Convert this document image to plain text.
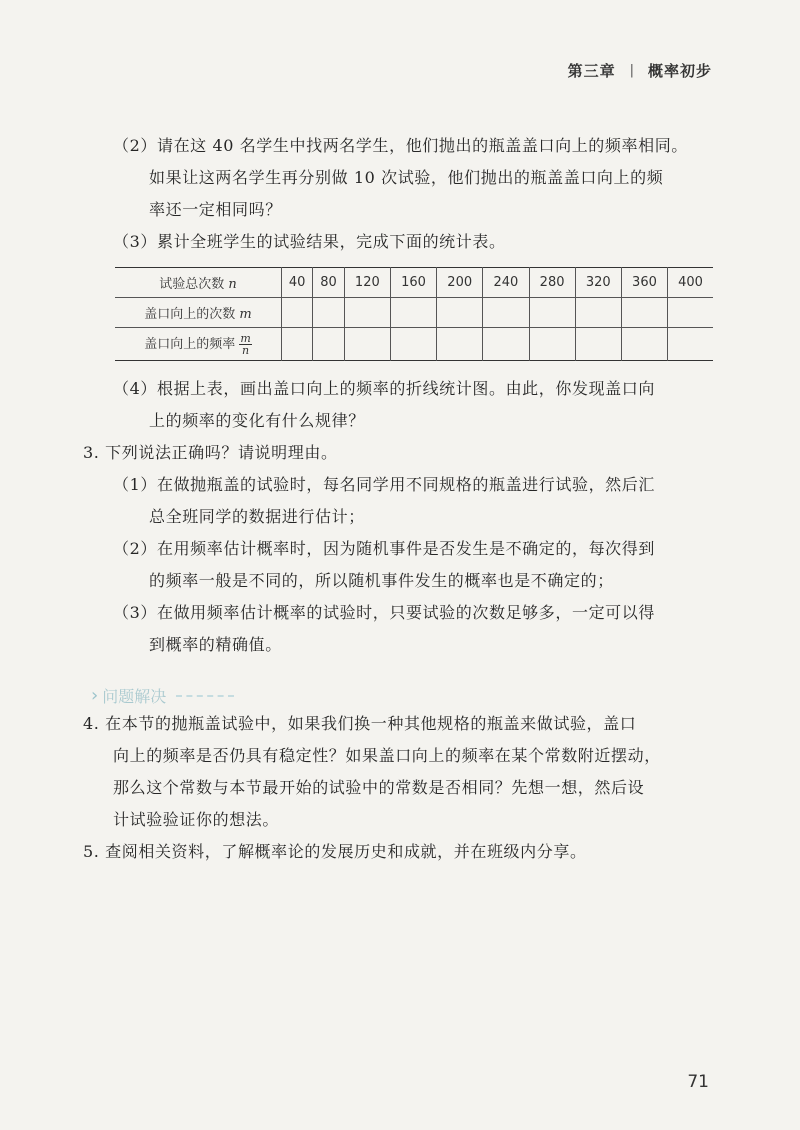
第三章 | 概率初步
（2）请在这 40 名学生中找两名学生，他们抛出的瓶盖盖口向上的频率相同。
如果让这两名学生再分别做 10 次试验，他们抛出的瓶盖盖口向上的频
率还一定相同吗？
（3）累计全班学生的试验结果，完成下面的统计表。
试验总次数 n	40	80	120	160	200	240	280	320	360	400
盖口向上的次数 m										
盖口向上的频率 $\frac{m}{n}$

（4）根据上表，画出盖口向上的频率的折线统计图。由此，你发现盖口向
上的频率的变化有什么规律？
3. 下列说法正确吗？请说明理由。
（1）在做抛瓶盖的试验时，每名同学用不同规格的瓶盖进行试验，然后汇
总全班同学的数据进行估计；
（2）在用频率估计概率时，因为随机事件是否发生是不确定的，每次得到
的频率一般是不同的，所以随机事件发生的概率也是不确定的；
（3）在做用频率估计概率的试验时，只要试验的次数足够多，一定可以得
到概率的精确值。
› 问题解决
4. 在本节的抛瓶盖试验中，如果我们换一种其他规格的瓶盖来做试验，盖口
向上的频率是否仍具有稳定性？如果盖口向上的频率在某个常数附近摆动，
那么这个常数与本节最开始的试验中的常数是否相同？先想一想，然后设
计试验验证你的想法。
5. 查阅相关资料，了解概率论的发展历史和成就，并在班级内分享。
71
